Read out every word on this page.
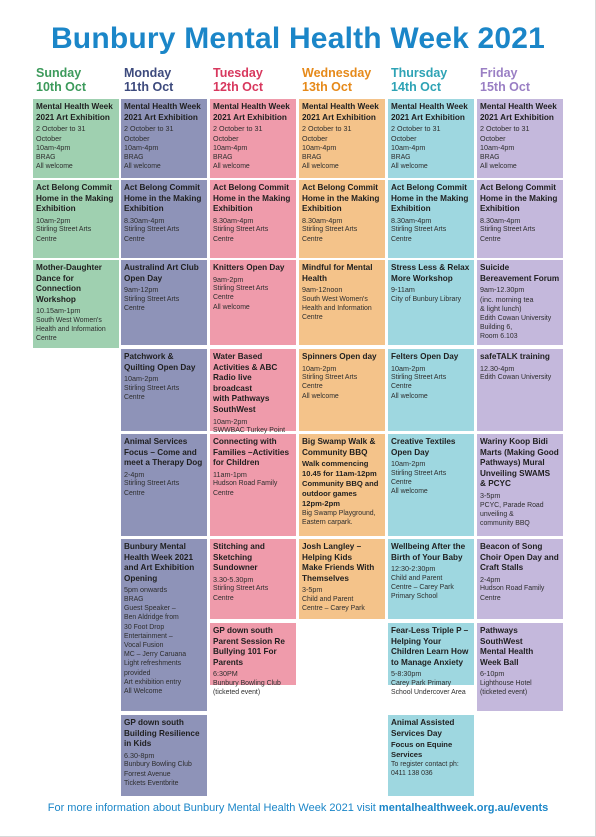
Bunbury Mental Health Week 2021
Sunday
10th Oct
Mental Health Week
2021 Art Exhibition
2 October to 31
October
10am-4pm
BRAG
All welcome
Act Belong Commit
Home in the Making
Exhibition
10am-2pm
Stirling Street Arts
Centre
Mother-Daughter
Dance for
Connection
Workshop
10.15am-1pm
South West Women's
Health and Information
Centre
Monday
11th Oct
Mental Health Week
2021 Art Exhibition
2 October to 31
October
10am-4pm
BRAG
All welcome
Act Belong Commit
Home in the Making
Exhibition
8.30am-4pm
Stirling Street Arts
Centre
Australind Art Club
Open Day
9am-12pm
Stirling Street Arts
Centre
Patchwork &
Quilting Open Day
10am-2pm
Stirling Street Arts
Centre
Animal Services
Focus – Come and
meet a Therapy Dog
2-4pm
Stirling Street Arts
Centre
Bunbury Mental
Health Week 2021
and Art Exhibition
Opening
5pm onwards
BRAG
Guest Speaker –
Ben Aldridge from
30 Foot Drop
Entertainment –
Vocal Fusion
MC – Jerry Caruana
Light refreshments
provided
Art exhibition entry
All Welcome
GP down south
Building Resilience
in Kids
6.30-8pm
Bunbury Bowling Club
Forrest Avenue
Tickets Eventbrite
Tuesday
12th Oct
Mental Health Week
2021 Art Exhibition
2 October to 31
October
10am-4pm
BRAG
All welcome
Act Belong Commit
Home in the Making
Exhibition
8.30am-4pm
Stirling Street Arts
Centre
Knitters Open Day
9am-2pm
Stirling Street Arts
Centre
All welcome
Water Based
Activities & ABC
Radio live broadcast
with Pathways
SouthWest
10am-2pm
SWWBAC Turkey Point
Connecting with
Families –Activities
for Children
11am-1pm
Hudson Road Family
Centre
Stitching and
Sketching
Sundowner
3.30-5.30pm
Stirling Street Arts
Centre
GP down south
Parent Session Re
Bullying 101 For
Parents
6:30PM
Bunbury Bowling Club
(ticketed event)
Wednesday
13th Oct
Mental Health Week
2021 Art Exhibition
2 October to 31
October
10am-4pm
BRAG
All welcome
Act Belong Commit
Home in the Making
Exhibition
8.30am-4pm
Stirling Street Arts
Centre
Mindful for Mental
Health
9am-12noon
South West Women's
Health and Information
Centre
Spinners Open day
10am-2pm
Stirling Street Arts
Centre
All welcome
Big Swamp Walk &
Community BBQ
Walk commencing
10.45 for 11am-12pm
Community BBQ and
outdoor games
12pm-2pm
Big Swamp Playground,
Eastern carpark.
Josh Langley –
Helping Kids
Make Friends With
Themselves
3-5pm
Child and Parent
Centre – Carey Park
Thursday
14th Oct
Mental Health Week
2021 Art Exhibition
2 October to 31
October
10am-4pm
BRAG
All welcome
Act Belong Commit
Home in the Making
Exhibition
8.30am-4pm
Stirling Street Arts
Centre
Stress Less & Relax
More Workshop
9-11am
City of Bunbury Library
Felters Open Day
10am-2pm
Stirling Street Arts
Centre
All welcome
Creative Textiles
Open Day
10am-2pm
Stirling Street Arts
Centre
All welcome
Wellbeing After the
Birth of Your Baby
12:30-2:30pm
Child and Parent
Centre – Carey Park
Primary School
Fear-Less Triple P –
Helping Your
Children Learn How
to Manage Anxiety
5-8:30pm
Carey Park Primary
School Undercover Area
Animal Assisted
Services Day
Focus on Equine
Services
To register contact ph:
0411 138 036
Friday
15th Oct
Mental Health Week
2021 Art Exhibition
2 October to 31
October
10am-4pm
BRAG
All welcome
Act Belong Commit
Home in the Making
Exhibition
8.30am-4pm
Stirling Street Arts
Centre
Suicide
Bereavement Forum
9am-12.30pm
(inc. morning tea
& light lunch)
Edith Cowan University
Building 6,
Room 6.103
safeTALK training
12.30-4pm
Edith Cowan University
Wariny Koop Bidi
Marts (Making Good
Pathways) Mural
Unveiling SWAMS
& PCYC
3-5pm
PCYC, Parade Road
unveiling &
community BBQ
Beacon of Song
Choir Open Day and
Craft Stalls
2-4pm
Hudson Road Family
Centre
Pathways
SouthWest
Mental Health
Week Ball
6-10pm
Lighthouse Hotel
(ticketed event)
For more information about Bunbury Mental Health Week 2021 visit mentalhealthweek.org.au/events
